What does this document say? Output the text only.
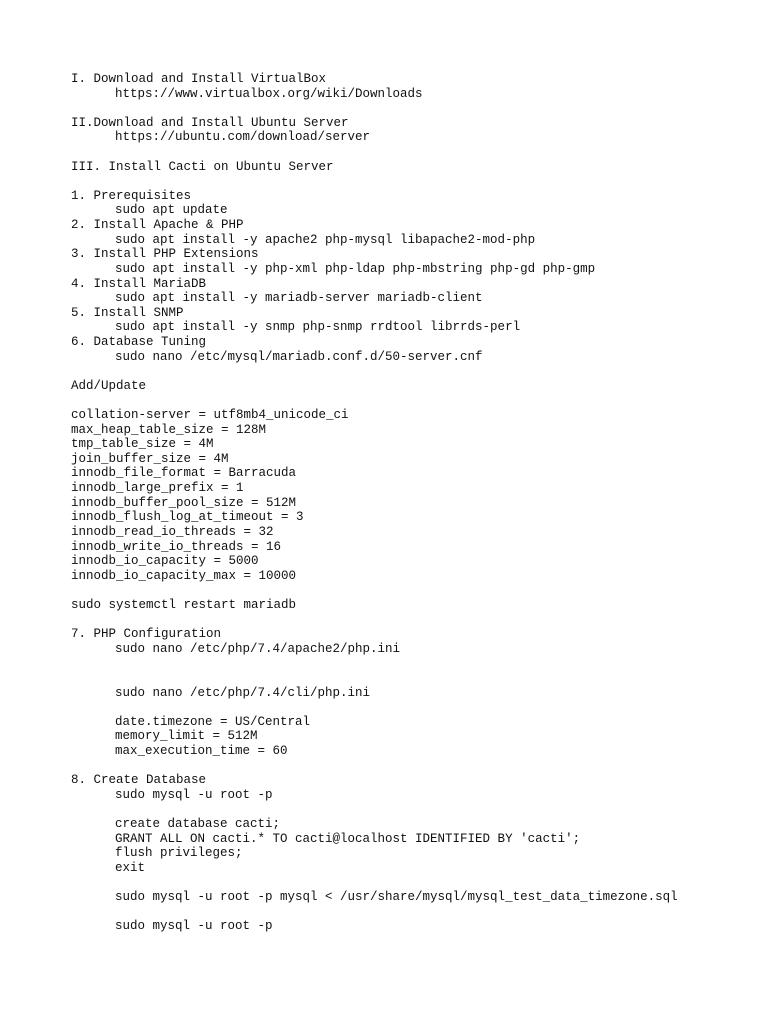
I. Download and Install VirtualBox
https://www.virtualbox.org/wiki/Downloads
II.Download and Install Ubuntu Server
https://ubuntu.com/download/server
III. Install Cacti on Ubuntu Server
1. Prerequisites
sudo apt update
2. Install Apache & PHP
sudo apt install -y apache2 php-mysql libapache2-mod-php
3. Install PHP Extensions
sudo apt install -y php-xml php-ldap php-mbstring php-gd php-gmp
4. Install MariaDB
sudo apt install -y mariadb-server mariadb-client
5. Install SNMP
sudo apt install -y snmp php-snmp rrdtool librrds-perl
6. Database Tuning
sudo nano /etc/mysql/mariadb.conf.d/50-server.cnf
Add/Update
collation-server = utf8mb4_unicode_ci
max_heap_table_size = 128M
tmp_table_size = 4M
join_buffer_size = 4M
innodb_file_format = Barracuda
innodb_large_prefix = 1
innodb_buffer_pool_size = 512M
innodb_flush_log_at_timeout = 3
innodb_read_io_threads = 32
innodb_write_io_threads = 16
innodb_io_capacity = 5000
innodb_io_capacity_max = 10000
sudo systemctl restart mariadb
7. PHP Configuration
sudo nano /etc/php/7.4/apache2/php.ini
sudo nano /etc/php/7.4/cli/php.ini
date.timezone = US/Central
memory_limit = 512M
max_execution_time = 60
8. Create Database
sudo mysql -u root -p
create database cacti;
GRANT ALL ON cacti.* TO cacti@localhost IDENTIFIED BY 'cacti';
flush privileges;
exit
sudo mysql -u root -p mysql < /usr/share/mysql/mysql_test_data_timezone.sql
sudo mysql -u root -p
